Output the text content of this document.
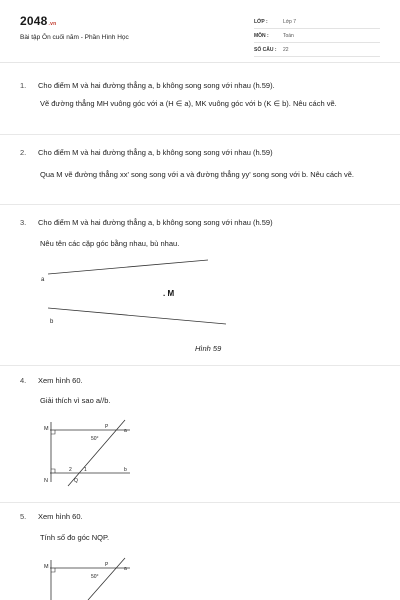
2048.vn
Bài tập Ôn cuối năm - Phần Hình Học
LỚP :	Lớp 7
MÔN :	Toán
SỐ CÂU : 22
1. Cho điểm M và hai đường thẳng a, b không song song với nhau (h.59).
Vẽ đường thẳng MH vuông góc với a (H ∈ a), MK vuông góc với b (K ∈ b). Nêu cách vẽ.
2. Cho điểm M và hai đường thẳng a, b không song song với nhau (h.59)
Qua M vẽ đường thẳng xx' song song với a và đường thẳng yy' song song với b. Nêu cách vẽ.
3. Cho điểm M và hai đường thẳng a, b không song song với nhau (h.59)
Nêu tên các cặp góc bằng nhau, bù nhau.
a
b
. M
Hình 59
4. Xem hình 60.
Giải thích vì sao a//b.
M
N
P
Q
a
b
50°
2 1
5. Xem hình 60.
Tính số đo góc NQP.
M	P
a
50°
